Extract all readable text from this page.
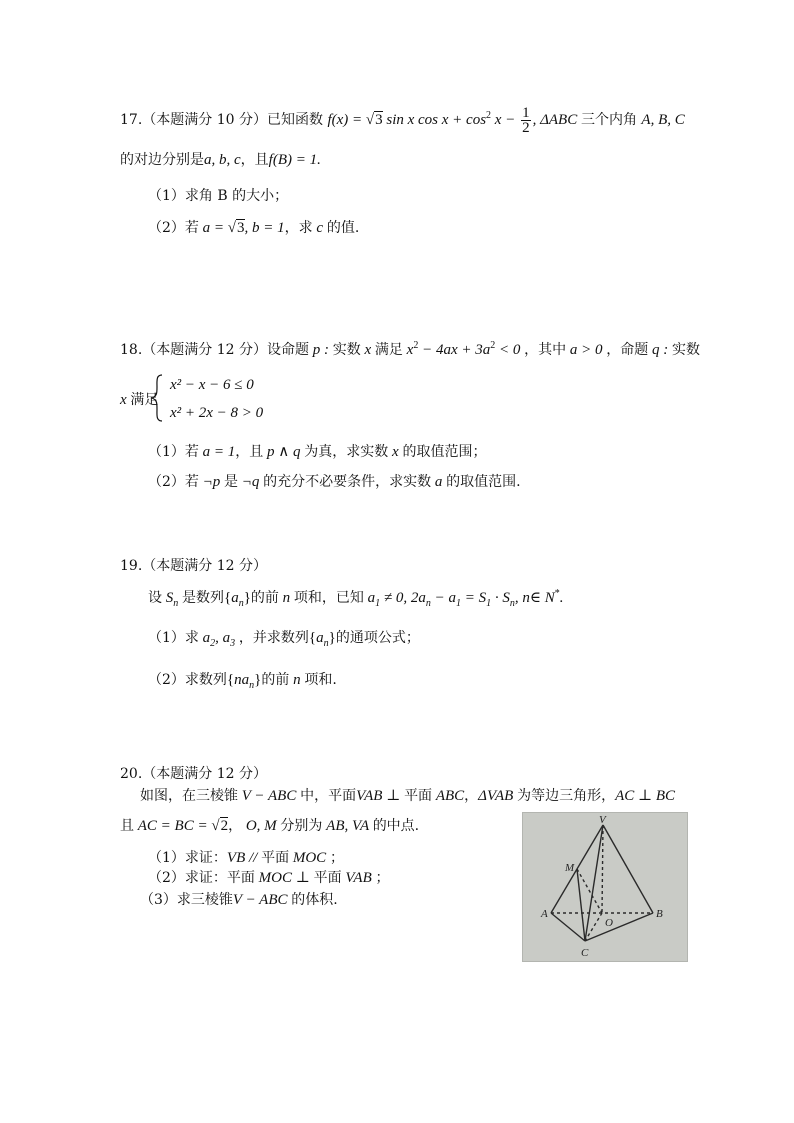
17.（本题满分 10 分）已知函数 f(x) = √3 sin x $\cos x + \cos^2 x - \frac{1}{2}$ , ΔABC 三个内角 A, B, C
的对边分别是a, b, c，且f(B) = 1.
（1）求角 B 的大小；
（2）若 a = √3, b = 1，求 c 的值.
18.（本题满分 12 分）设命题 p : 实数 x 满足 $x^2 - 4ax + 3a^2 < 0$ ，其中 a > 0 ，命题 q : 实数
x 满足
x² − x − 6 ≤ 0
x² + 2x − 8 > 0
（1）若 a = 1，且 p ∧ q 为真，求实数 x 的取值范围；
（2）若 ¬p 是 ¬q 的充分不必要条件，求实数 a 的取值范围.
19.（本题满分 12 分）
设 $S_n$ 是数列$\{a_n\}$的前 n 项和，已知 $a_1 \ne 0$, $2a_n - a_1 = S_1 \cdot S_n$, n∈ N*.
（1）求 $a_2$, $a_3$ ，并求数列$\{a_n\}$的通项公式；
（2）求数列$\{na_n\}$的前 n 项和.
20.（本题满分 12 分）
如图，在三棱锥 V − ABC 中，平面VAB ⊥ 平面 ABC，ΔVAB 为等边三角形，AC ⊥ BC
且 AC = BC = √2， O, M 分别为 AB, VA 的中点.
（1）求证：VB // 平面 MOC ；
（2）求证：平面 MOC ⊥ 平面 VAB ；
（3）求三棱锥V − ABC 的体积.
V
M
A	B
O
C
